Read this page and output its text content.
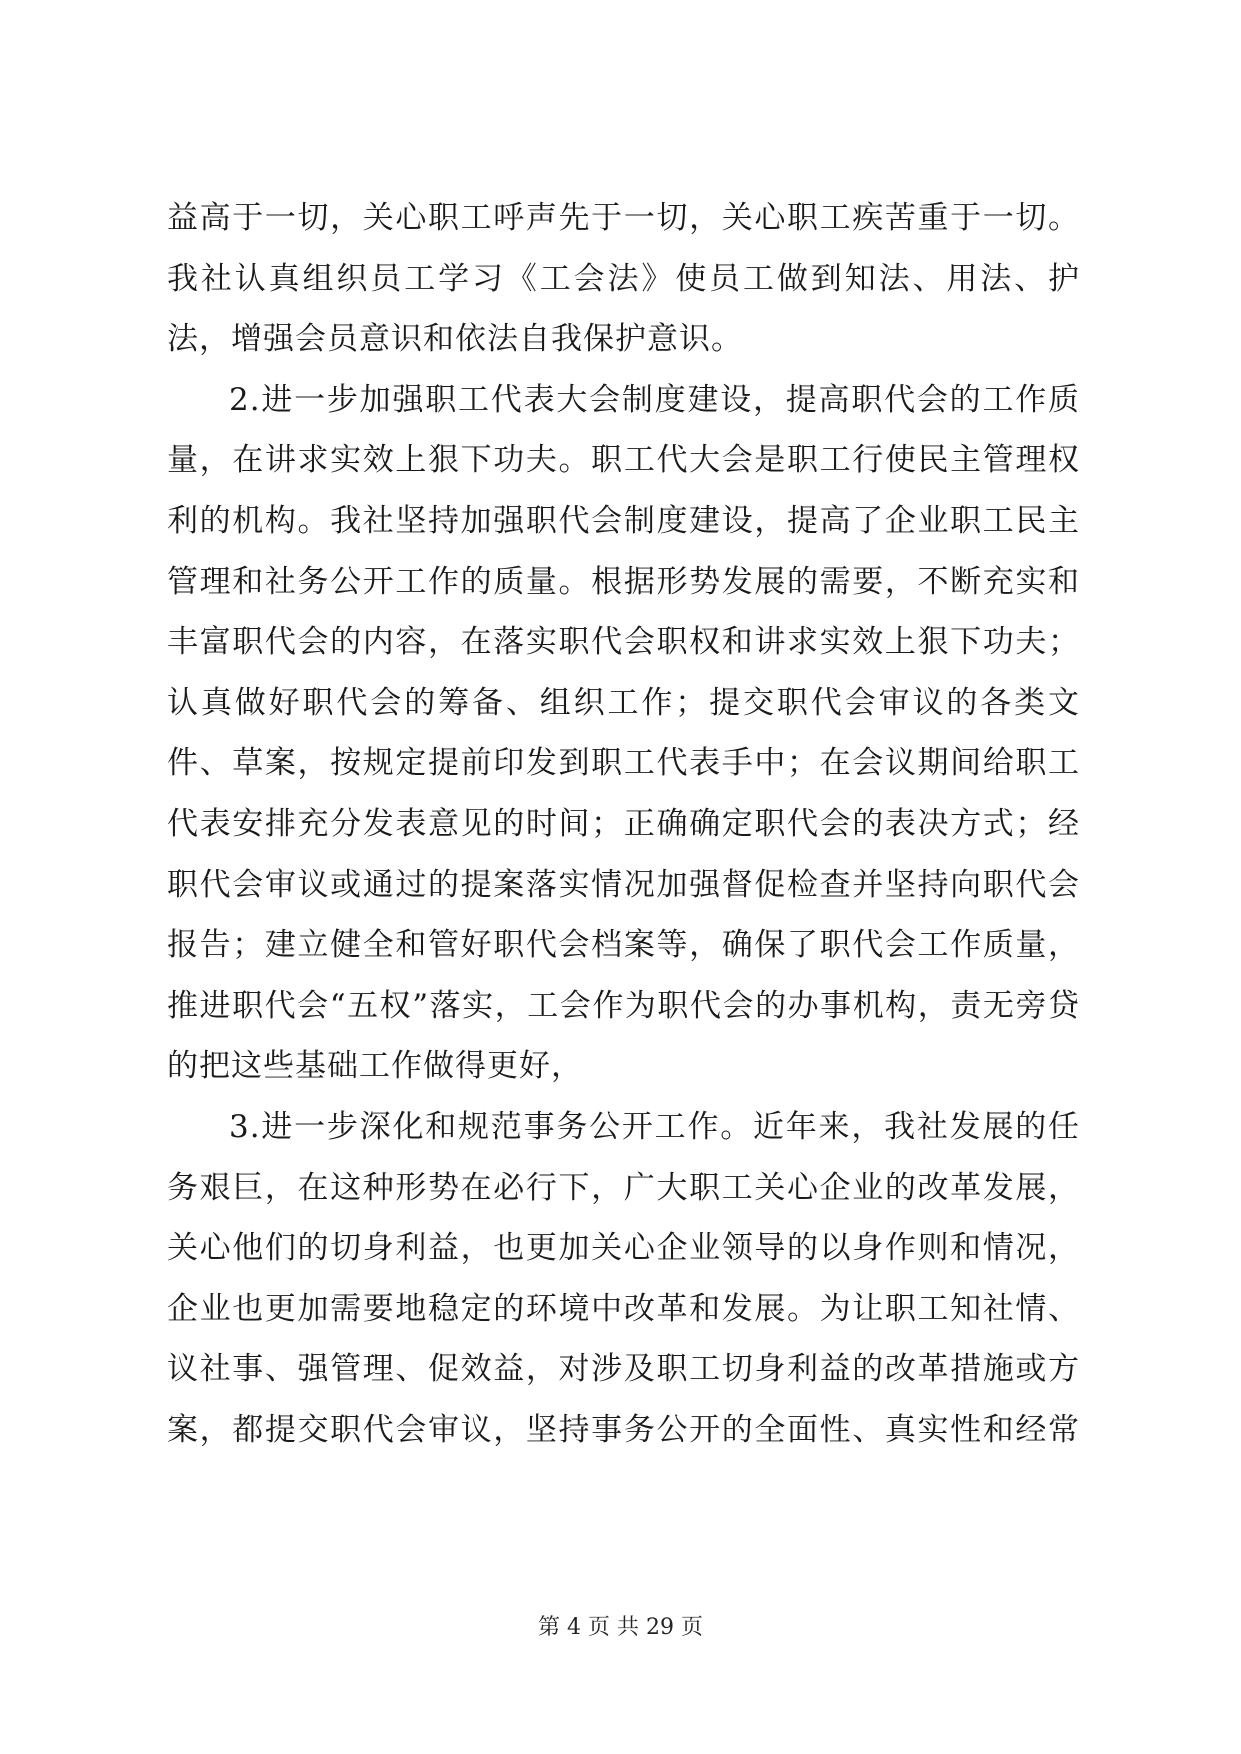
益高于一切，关心职工呼声先于一切，关心职工疾苦重于一切。我社认真组织员工学习《工会法》使员工做到知法、用法、护法，增强会员意识和依法自我保护意识。

2.进一步加强职工代表大会制度建设，提高职代会的工作质量，在讲求实效上狠下功夫。职工代大会是职工行使民主管理权利的机构。我社坚持加强职代会制度建设，提高了企业职工民主管理和社务公开工作的质量。根据形势发展的需要，不断充实和丰富职代会的内容，在落实职代会职权和讲求实效上狠下功夫；认真做好职代会的筹备、组织工作；提交职代会审议的各类文件、草案，按规定提前印发到职工代表手中；在会议期间给职工代表安排充分发表意见的时间；正确确定职代会的表决方式；经职代会审议或通过的提案落实情况加强督促检查并坚持向职代会报告；建立健全和管好职代会档案等，确保了职代会工作质量，推进职代会“五权”落实，工会作为职代会的办事机构，责无旁贷的把这些基础工作做得更好，

3.进一步深化和规范事务公开工作。近年来，我社发展的任务艰巨，在这种形势在必行下，广大职工关心企业的改革发展，关心他们的切身利益，也更加关心企业领导的以身作则和情况，企业也更加需要地稳定的环境中改革和发展。为让职工知社情、议社事、强管理、促效益，对涉及职工切身利益的改革措施或方案，都提交职代会审议，坚持事务公开的全面性、真实性和经常

第 4 页 共 29 页
